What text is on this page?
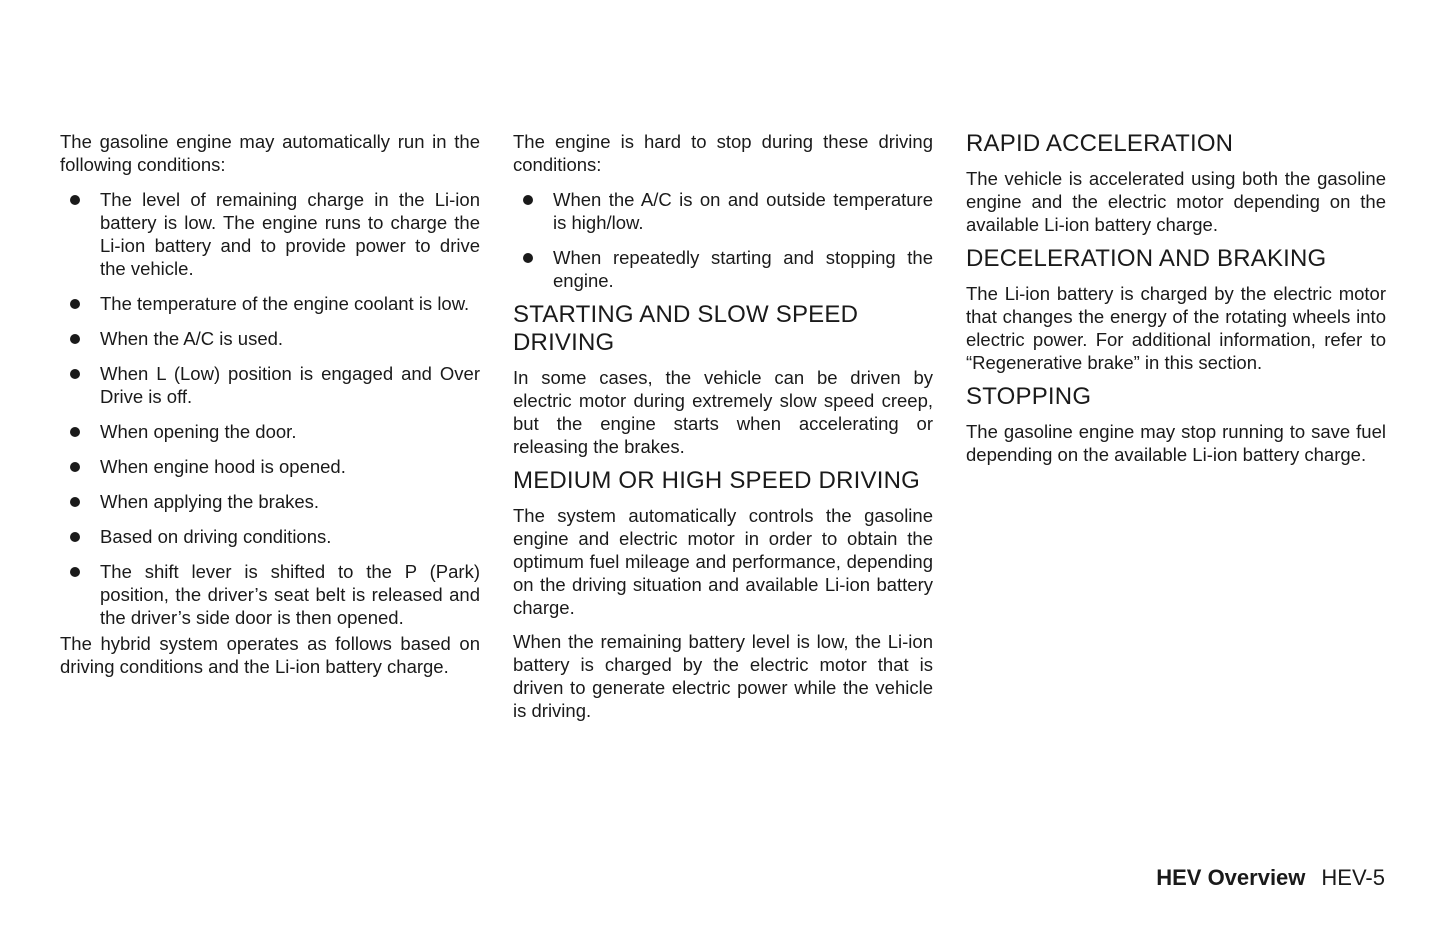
The gasoline engine may automatically run in the following conditions:

The level of remaining charge in the Li-ion battery is low. The engine runs to charge the Li-ion battery and to provide power to drive the vehicle.
The temperature of the engine coolant is low.
When the A/C is used.
When L (Low) position is engaged and Over Drive is off.
When opening the door.
When engine hood is opened.
When applying the brakes.
Based on driving conditions.
The shift lever is shifted to the P (Park) position, the driver’s seat belt is released and the driver’s side door is then opened.

The hybrid system operates as follows based on driving conditions and the Li-ion battery charge.

The engine is hard to stop during these driving conditions:

When the A/C is on and outside temperature is high/low.
When repeatedly starting and stopping the engine.
STARTING AND SLOW SPEED DRIVING

In some cases, the vehicle can be driven by electric motor during extremely slow speed creep, but the engine starts when accelerating or releasing the brakes.

MEDIUM OR HIGH SPEED DRIVING

The system automatically controls the gasoline engine and electric motor in order to obtain the optimum fuel mileage and performance, depending on the driving situation and available Li-ion battery charge.

When the remaining battery level is low, the Li-ion battery is charged by the electric motor that is driven to generate electric power while the vehicle is driving.

RAPID ACCELERATION

The vehicle is accelerated using both the gasoline engine and the electric motor depending on the available Li-ion battery charge.

DECELERATION AND BRAKING

The Li-ion battery is charged by the electric motor that changes the energy of the rotating wheels into electric power. For additional information, refer to “Regenerative brake” in this section.

STOPPING

The gasoline engine may stop running to save fuel depending on the available Li-ion battery charge.

HEV Overview HEV-5
